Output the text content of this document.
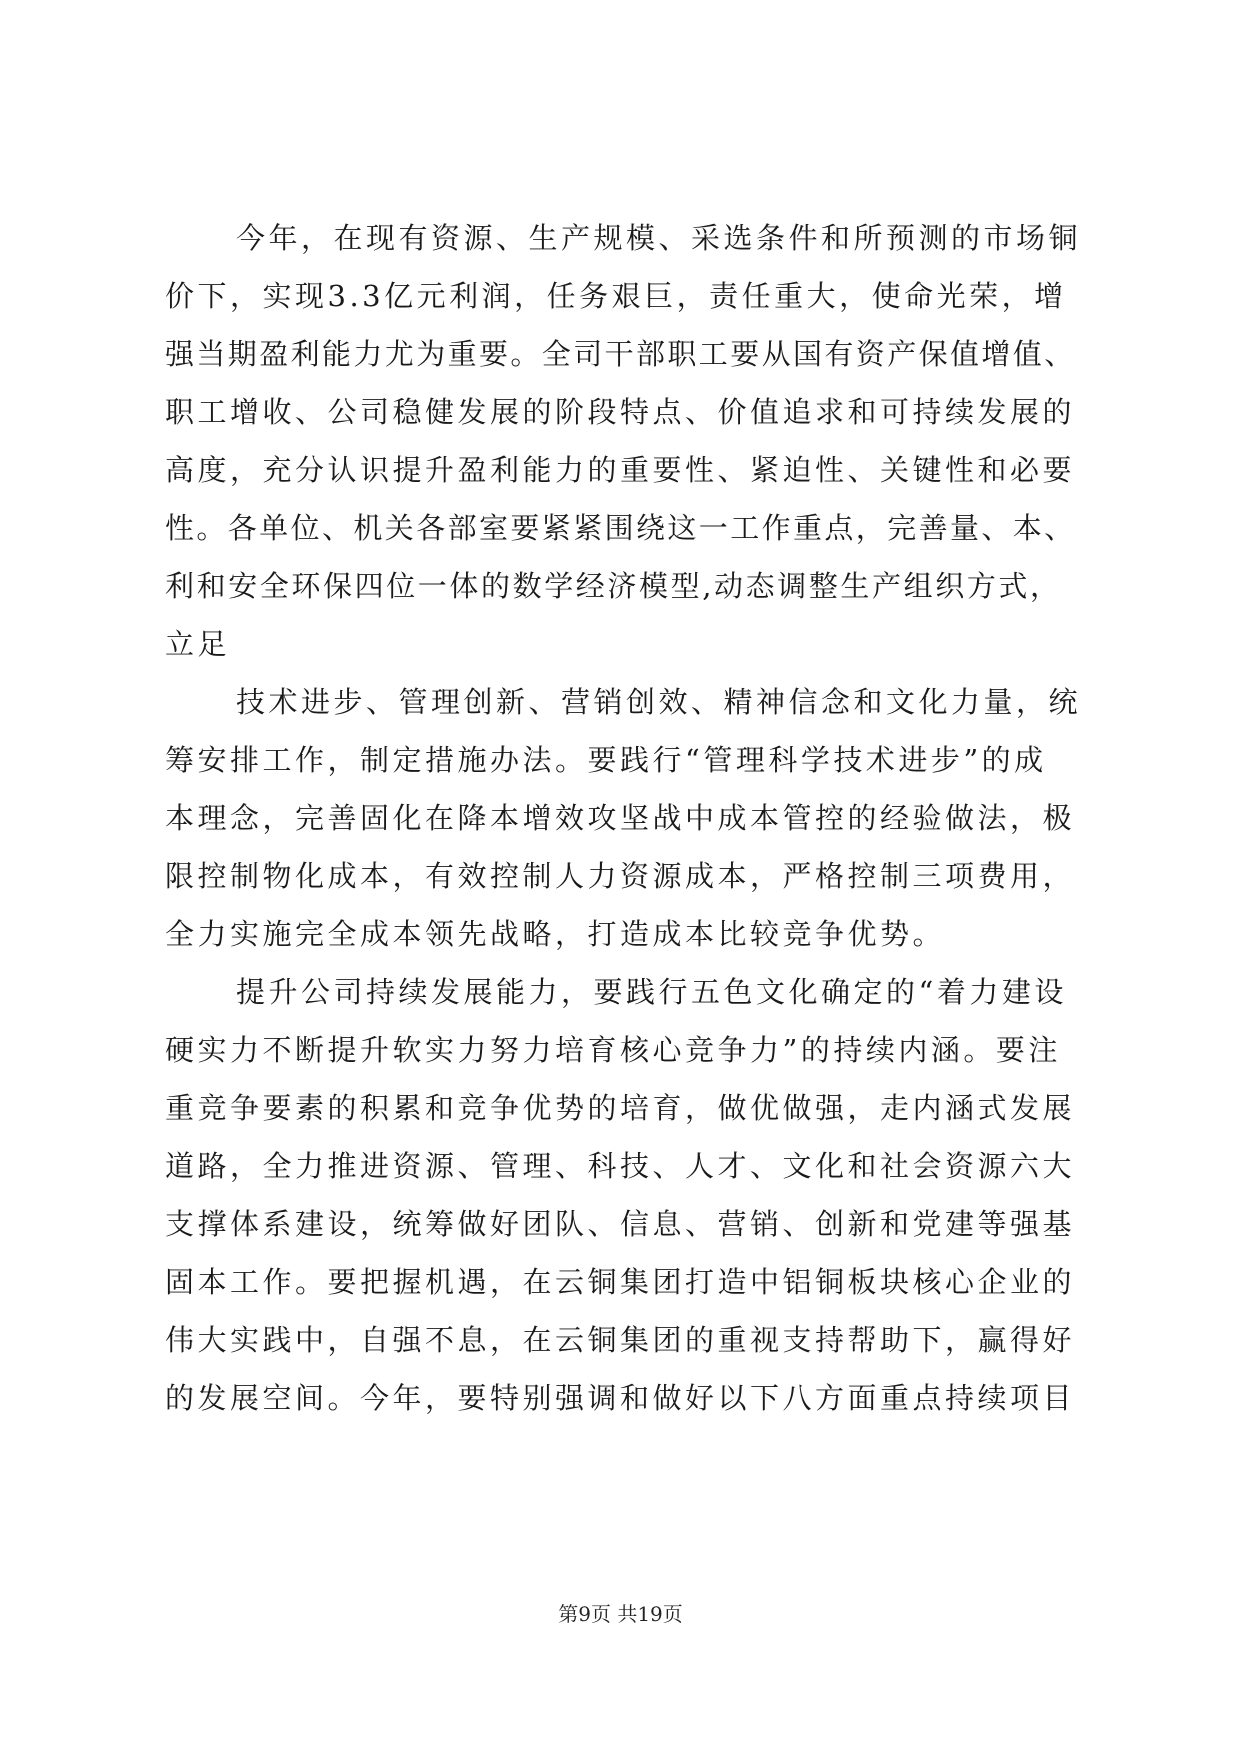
今年，在现有资源、生产规模、采选条件和所预测的市场铜
价下，实现3.3亿元利润，任务艰巨，责任重大，使命光荣，增
强当期盈利能力尤为重要。全司干部职工要从国有资产保值增值、
职工增收、公司稳健发展的阶段特点、价值追求和可持续发展的
高度，充分认识提升盈利能力的重要性、紧迫性、关键性和必要
性。各单位、机关各部室要紧紧围绕这一工作重点，完善量、本、
利和安全环保四位一体的数学经济模型,动态调整生产组织方式，
立足
技术进步、管理创新、营销创效、精神信念和文化力量，统
筹安排工作，制定措施办法。要践行“管理科学技术进步”的成
本理念，完善固化在降本增效攻坚战中成本管控的经验做法，极
限控制物化成本，有效控制人力资源成本，严格控制三项费用，
全力实施完全成本领先战略，打造成本比较竞争优势。
提升公司持续发展能力，要践行五色文化确定的“着力建设
硬实力不断提升软实力努力培育核心竞争力”的持续内涵。要注
重竞争要素的积累和竞争优势的培育，做优做强，走内涵式发展
道路，全力推进资源、管理、科技、人才、文化和社会资源六大
支撑体系建设，统筹做好团队、信息、营销、创新和党建等强基
固本工作。要把握机遇，在云铜集团打造中铝铜板块核心企业的
伟大实践中，自强不息，在云铜集团的重视支持帮助下，赢得好
的发展空间。今年，要特别强调和做好以下八方面重点持续项目
第9页 共19页
